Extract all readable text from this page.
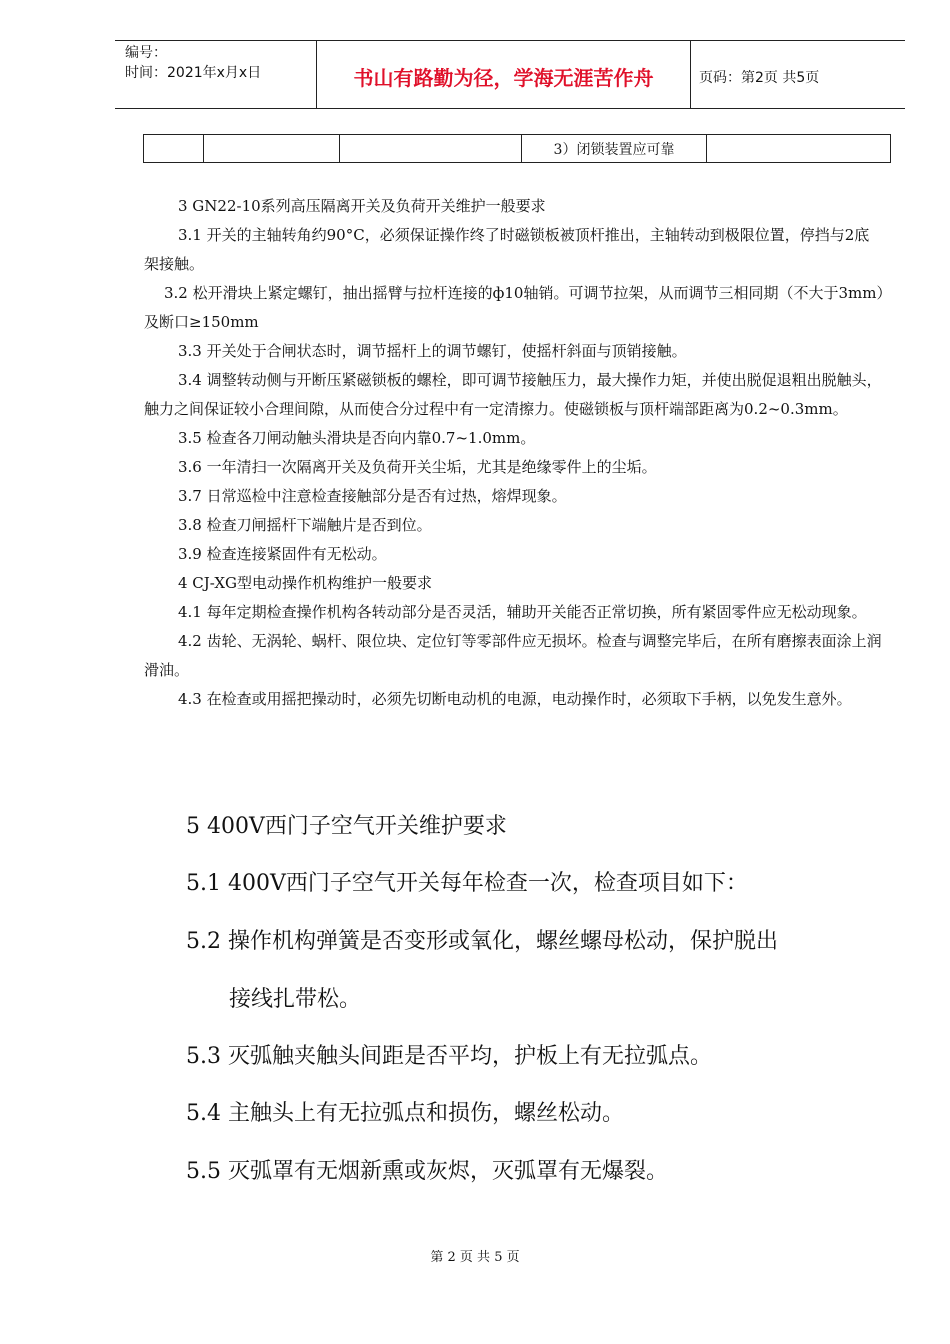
编号：
时间：2021年x月x日	书山有路勤为径，学海无涯苦作舟	页码：第2页 共5页
			3）闭锁装置应可靠	

3 GN22-10系列高压隔离开关及负荷开关维护一般要求

3.1 开关的主轴转角约90°C，必须保证操作终了时磁锁板被顶杆推出，主轴转动到极限位置，停挡与2底架接触。

3.2 松开滑块上紧定螺钉，抽出摇臂与拉杆连接的ф10轴销。可调节拉架，从而调节三相同期（不大于3mm）及断口≥150mm

3.3 开关处于合闸状态时，调节摇杆上的调节螺钉，使摇杆斜面与顶销接触。

3.4 调整转动侧与开断压紧磁锁板的螺栓，即可调节接触压力，最大操作力矩，并使出脱促退粗出脱触头，触力之间保证较小合理间隙，从而使合分过程中有一定清擦力。使磁锁板与顶杆端部距离为0.2~0.3mm。

3.5 检查各刀闸动触头滑块是否向内靠0.7~1.0mm。

3.6 一年清扫一次隔离开关及负荷开关尘垢，尤其是绝缘零件上的尘垢。

3.7 日常巡检中注意检查接触部分是否有过热，熔焊现象。

3.8 检查刀闸摇杆下端触片是否到位。

3.9 检查连接紧固件有无松动。

4 CJ-XG型电动操作机构维护一般要求

4.1 每年定期检查操作机构各转动部分是否灵活，辅助开关能否正常切换，所有紧固零件应无松动现象。

4.2 齿轮、无涡轮、蜗杆、限位块、定位钉等零部件应无损坏。检查与调整完毕后，在所有磨擦表面涂上润滑油。

4.3 在检查或用摇把操动时，必须先切断电动机的电源，电动操作时，必须取下手柄，以免发生意外。

5 400V西门子空气开关维护要求

5.1 400V西门子空气开关每年检查一次，检查项目如下：

5.2 操作机构弹簧是否变形或氧化，螺丝螺母松动，保护脱出

接线扎带松。

5.3 灭弧触夹触头间距是否平均，护板上有无拉弧点。

5.4 主触头上有无拉弧点和损伤，螺丝松动。

5.5 灭弧罩有无烟新熏或灰烬，灭弧罩有无爆裂。

第 2 页 共 5 页
